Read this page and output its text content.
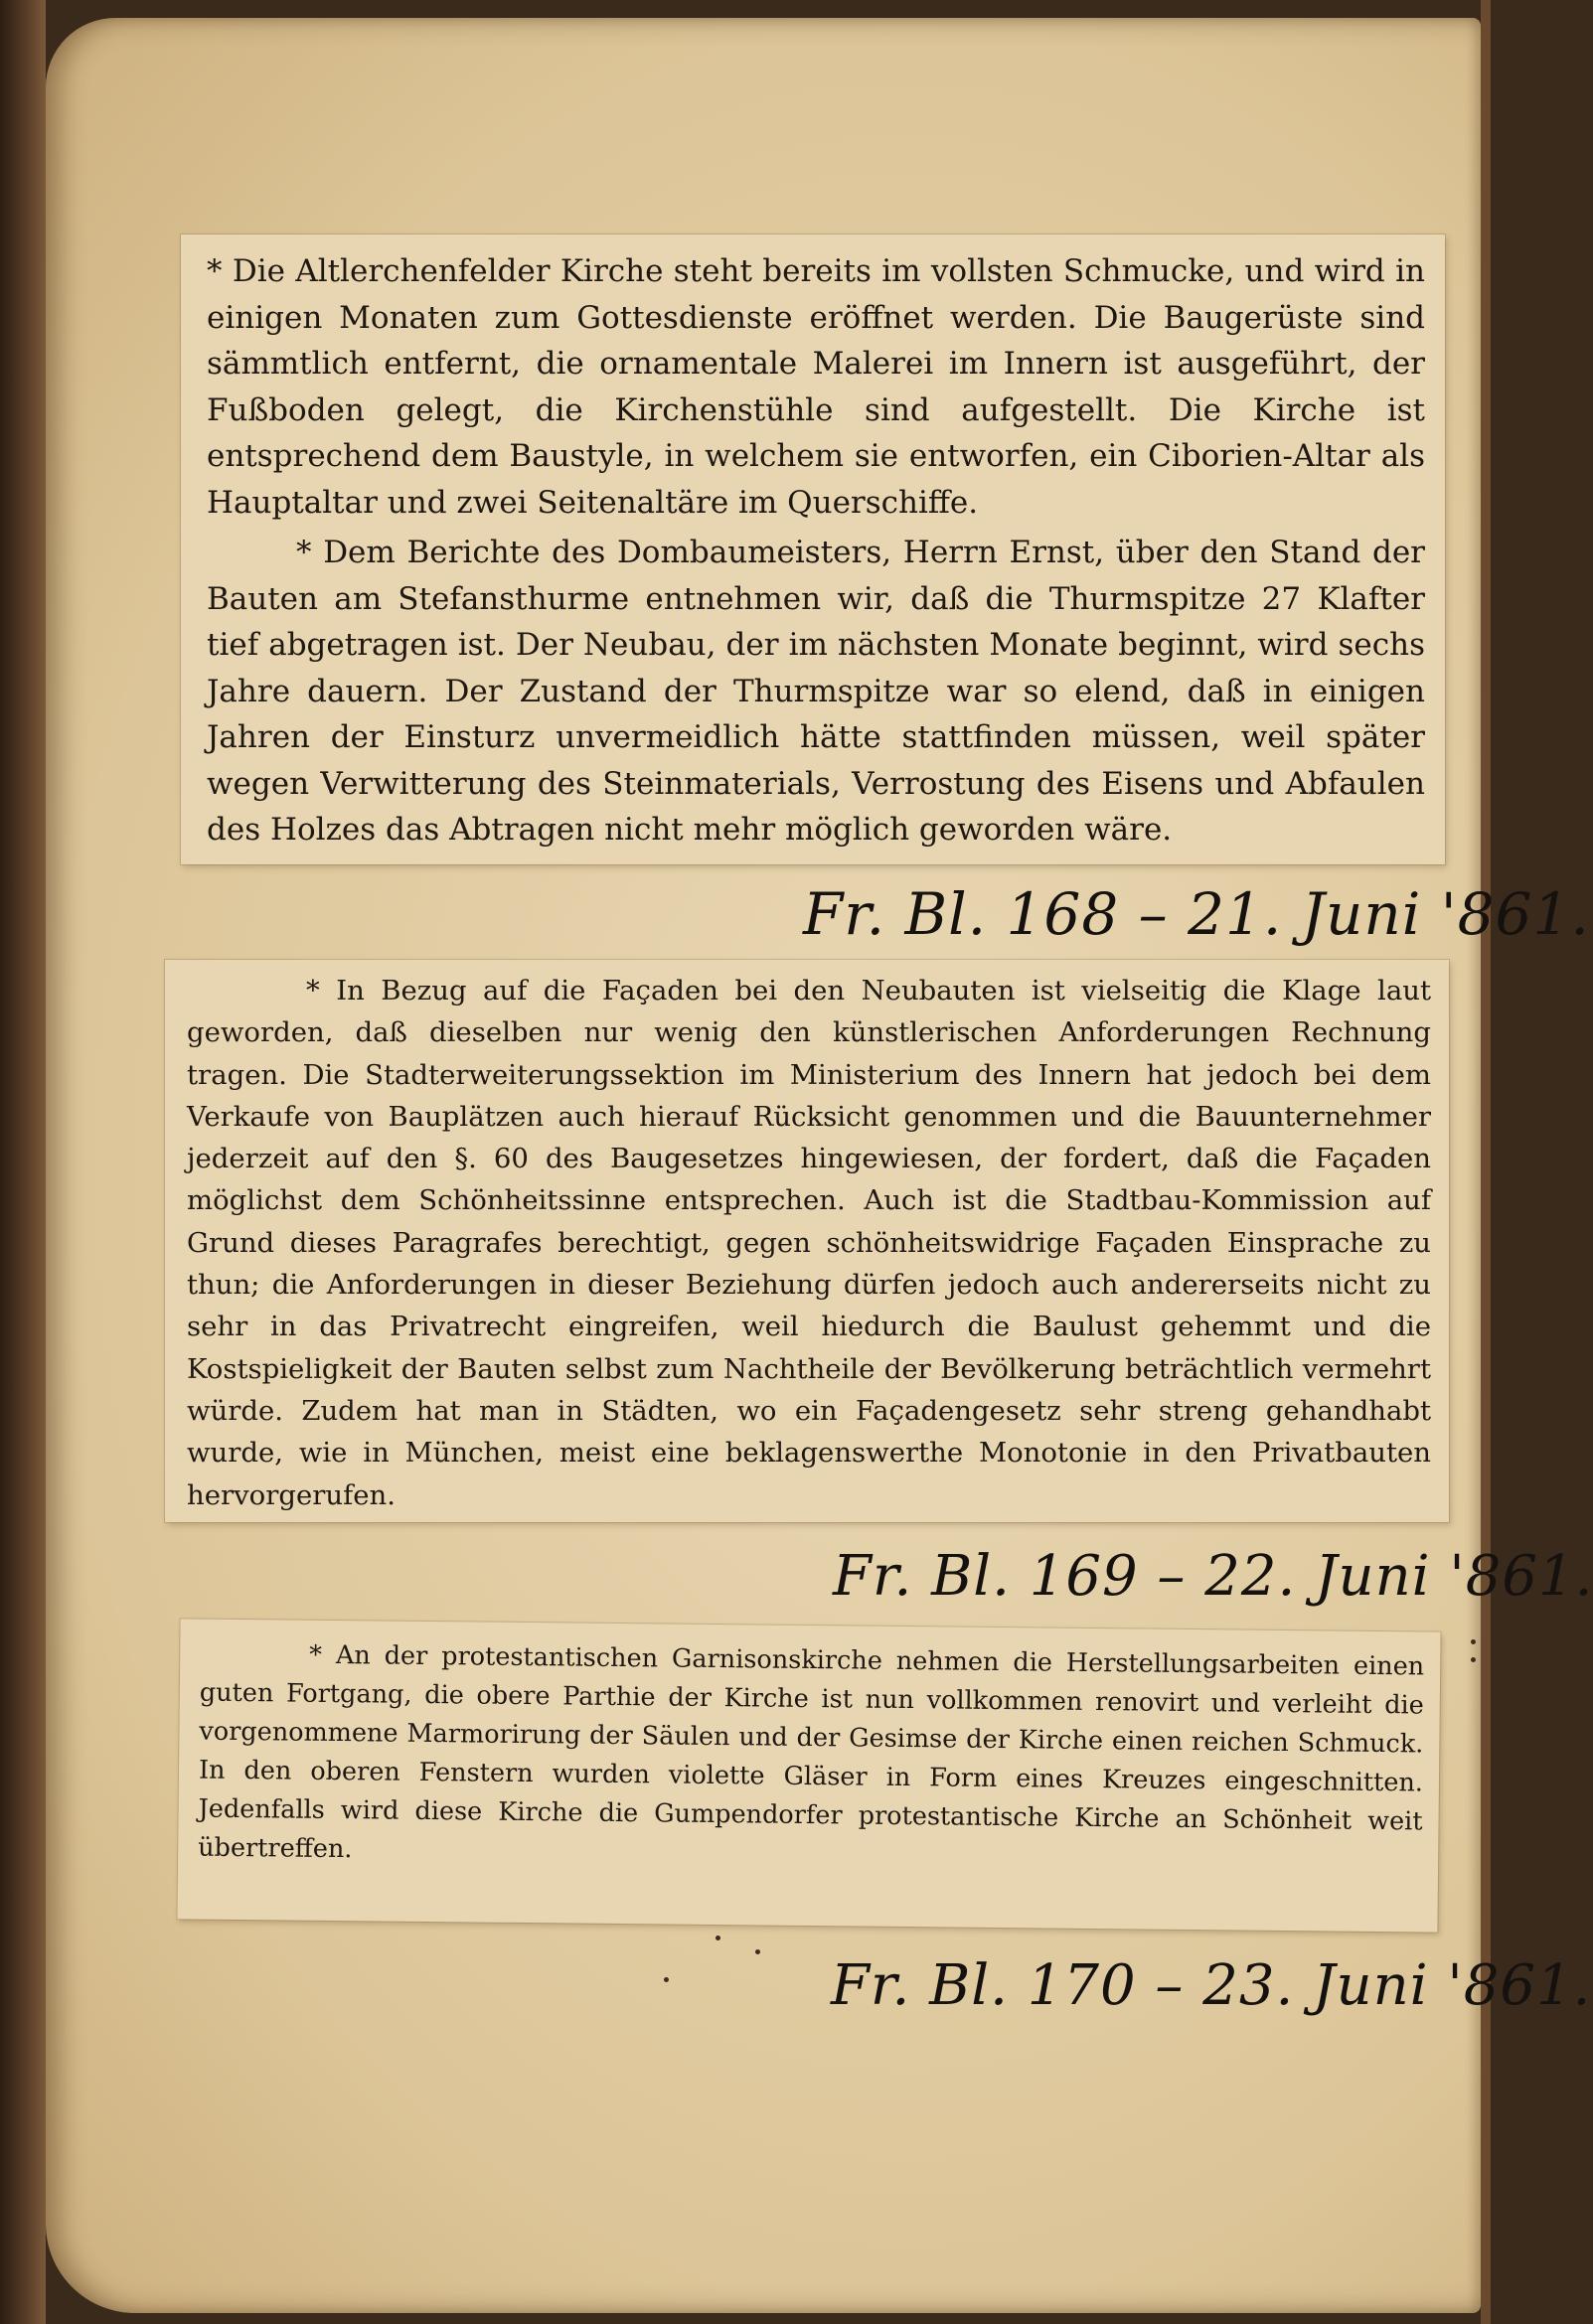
* Die Altlerchenfelder Kirche steht bereits im vollsten Schmucke, und wird in einigen Monaten zum Gottesdienste eröffnet werden. Die Baugerüste sind sämmtlich entfernt, die ornamentale Malerei im Innern ist ausgeführt, der Fußboden gelegt, die Kirchenstühle sind aufgestellt. Die Kirche ist entsprechend dem Baustyle, in welchem sie entworfen, ein Ciborien-Altar als Hauptaltar und zwei Seitenaltäre im Querschiffe.

* Dem Berichte des Dombaumeisters, Herrn Ernst, über den Stand der Bauten am Stefansthurme entnehmen wir, daß die Thurmspitze 27 Klafter tief abgetragen ist. Der Neubau, der im nächsten Monate beginnt, wird sechs Jahre dauern. Der Zustand der Thurmspitze war so elend, daß in einigen Jahren der Einsturz unvermeidlich hätte stattfinden müssen, weil später wegen Verwitterung des Steinmaterials, Verrostung des Eisens und Abfaulen des Holzes das Abtragen nicht mehr möglich geworden wäre.

Fr. Bl. 168 – 21. Juni '861.

* In Bezug auf die Façaden bei den Neubauten ist vielseitig die Klage laut geworden, daß dieselben nur wenig den künstlerischen Anforderungen Rechnung tragen. Die Stadterweiterungssektion im Ministerium des Innern hat jedoch bei dem Verkaufe von Bauplätzen auch hierauf Rücksicht genommen und die Bauunternehmer jederzeit auf den §. 60 des Baugesetzes hingewiesen, der fordert, daß die Façaden möglichst dem Schönheitssinne entsprechen. Auch ist die Stadtbau-Kommission auf Grund dieses Paragrafes berechtigt, gegen schönheitswidrige Façaden Einsprache zu thun; die Anforderungen in dieser Beziehung dürfen jedoch auch andererseits nicht zu sehr in das Privatrecht eingreifen, weil hiedurch die Baulust gehemmt und die Kostspieligkeit der Bauten selbst zum Nachtheile der Bevölkerung beträchtlich vermehrt würde. Zudem hat man in Städten, wo ein Façadengesetz sehr streng gehandhabt wurde, wie in München, meist eine beklagenswerthe Monotonie in den Privatbauten hervorgerufen.

Fr. Bl. 169 – 22. Juni '861.

* An der protestantischen Garnisonskirche nehmen die Herstellungsarbeiten einen guten Fortgang, die obere Parthie der Kirche ist nun vollkommen renovirt und verleiht die vorgenommene Marmorirung der Säulen und der Gesimse der Kirche einen reichen Schmuck. In den oberen Fenstern wurden violette Gläser in Form eines Kreuzes eingeschnitten. Jedenfalls wird diese Kirche die Gumpendorfer protestantische Kirche an Schönheit weit übertreffen.

Fr. Bl. 170 – 23. Juni '861.
